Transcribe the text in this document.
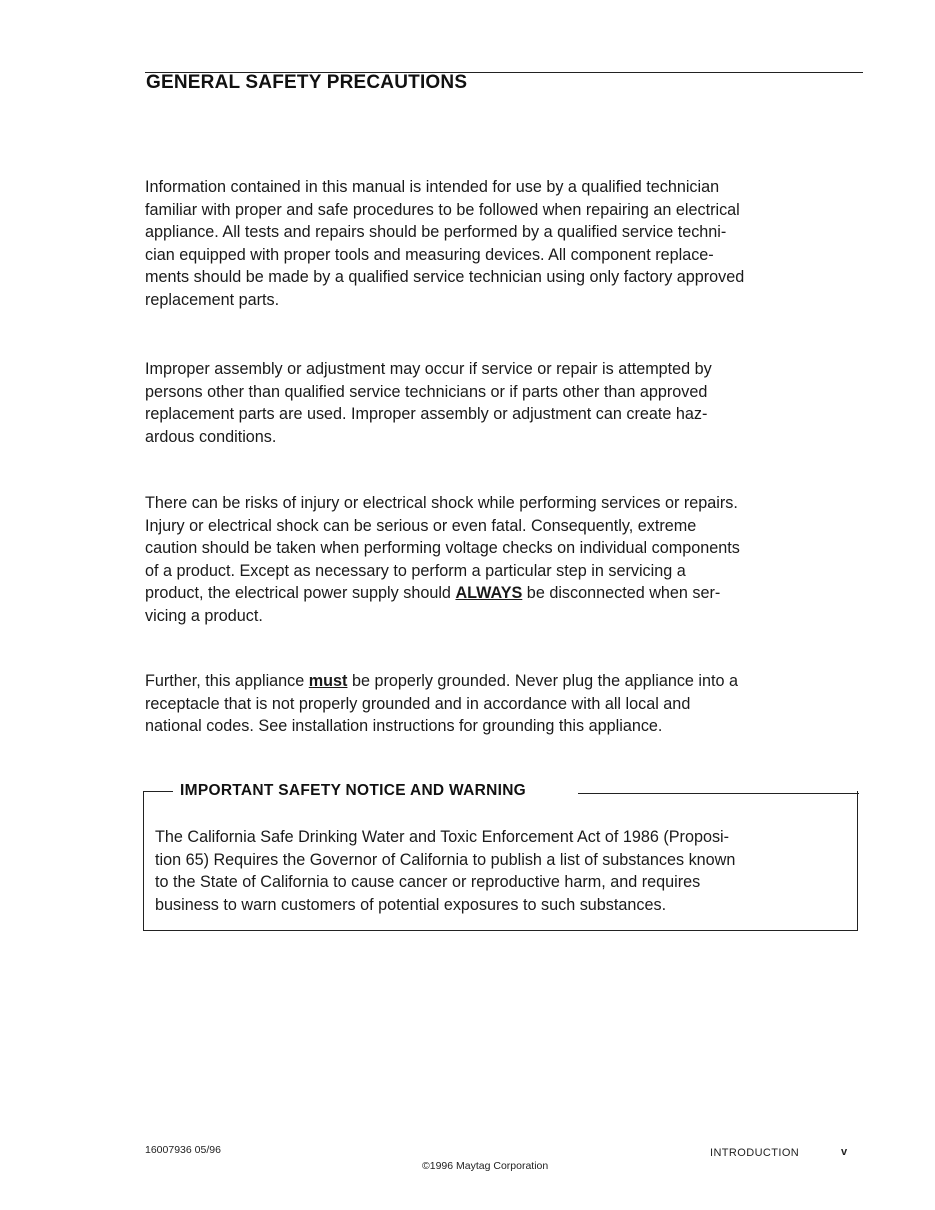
GENERAL SAFETY PRECAUTIONS

Information contained in this manual is intended for use by a qualified technician
familiar with proper and safe procedures to be followed when repairing an electrical
appliance. All tests and repairs should be performed by a qualified service techni-
cian equipped with proper tools and measuring devices. All component replace-
ments should be made by a qualified service technician using only factory approved
replacement parts.

Improper assembly or adjustment may occur if service or repair is attempted by
persons other than qualified service technicians or if parts other than approved
replacement parts are used. Improper assembly or adjustment can create haz-
ardous conditions.

There can be risks of injury or electrical shock while performing services or repairs.
Injury or electrical shock can be serious or even fatal. Consequently, extreme
caution should be taken when performing voltage checks on individual components
of a product. Except as necessary to perform a particular step in servicing a
product, the electrical power supply should ALWAYS be disconnected when ser-
vicing a product.

Further, this appliance must be properly grounded. Never plug the appliance into a
receptacle that is not properly grounded and in accordance with all local and
national codes. See installation instructions for grounding this appliance.

IMPORTANT SAFETY NOTICE AND WARNING

The California Safe Drinking Water and Toxic Enforcement Act of 1986 (Proposi-
tion 65) Requires the Governor of California to publish a list of substances known
to the State of California to cause cancer or reproductive harm, and requires
business to warn customers of potential exposures to such substances.

16007936 05/96
©1996 Maytag Corporation
INTRODUCTION	v
